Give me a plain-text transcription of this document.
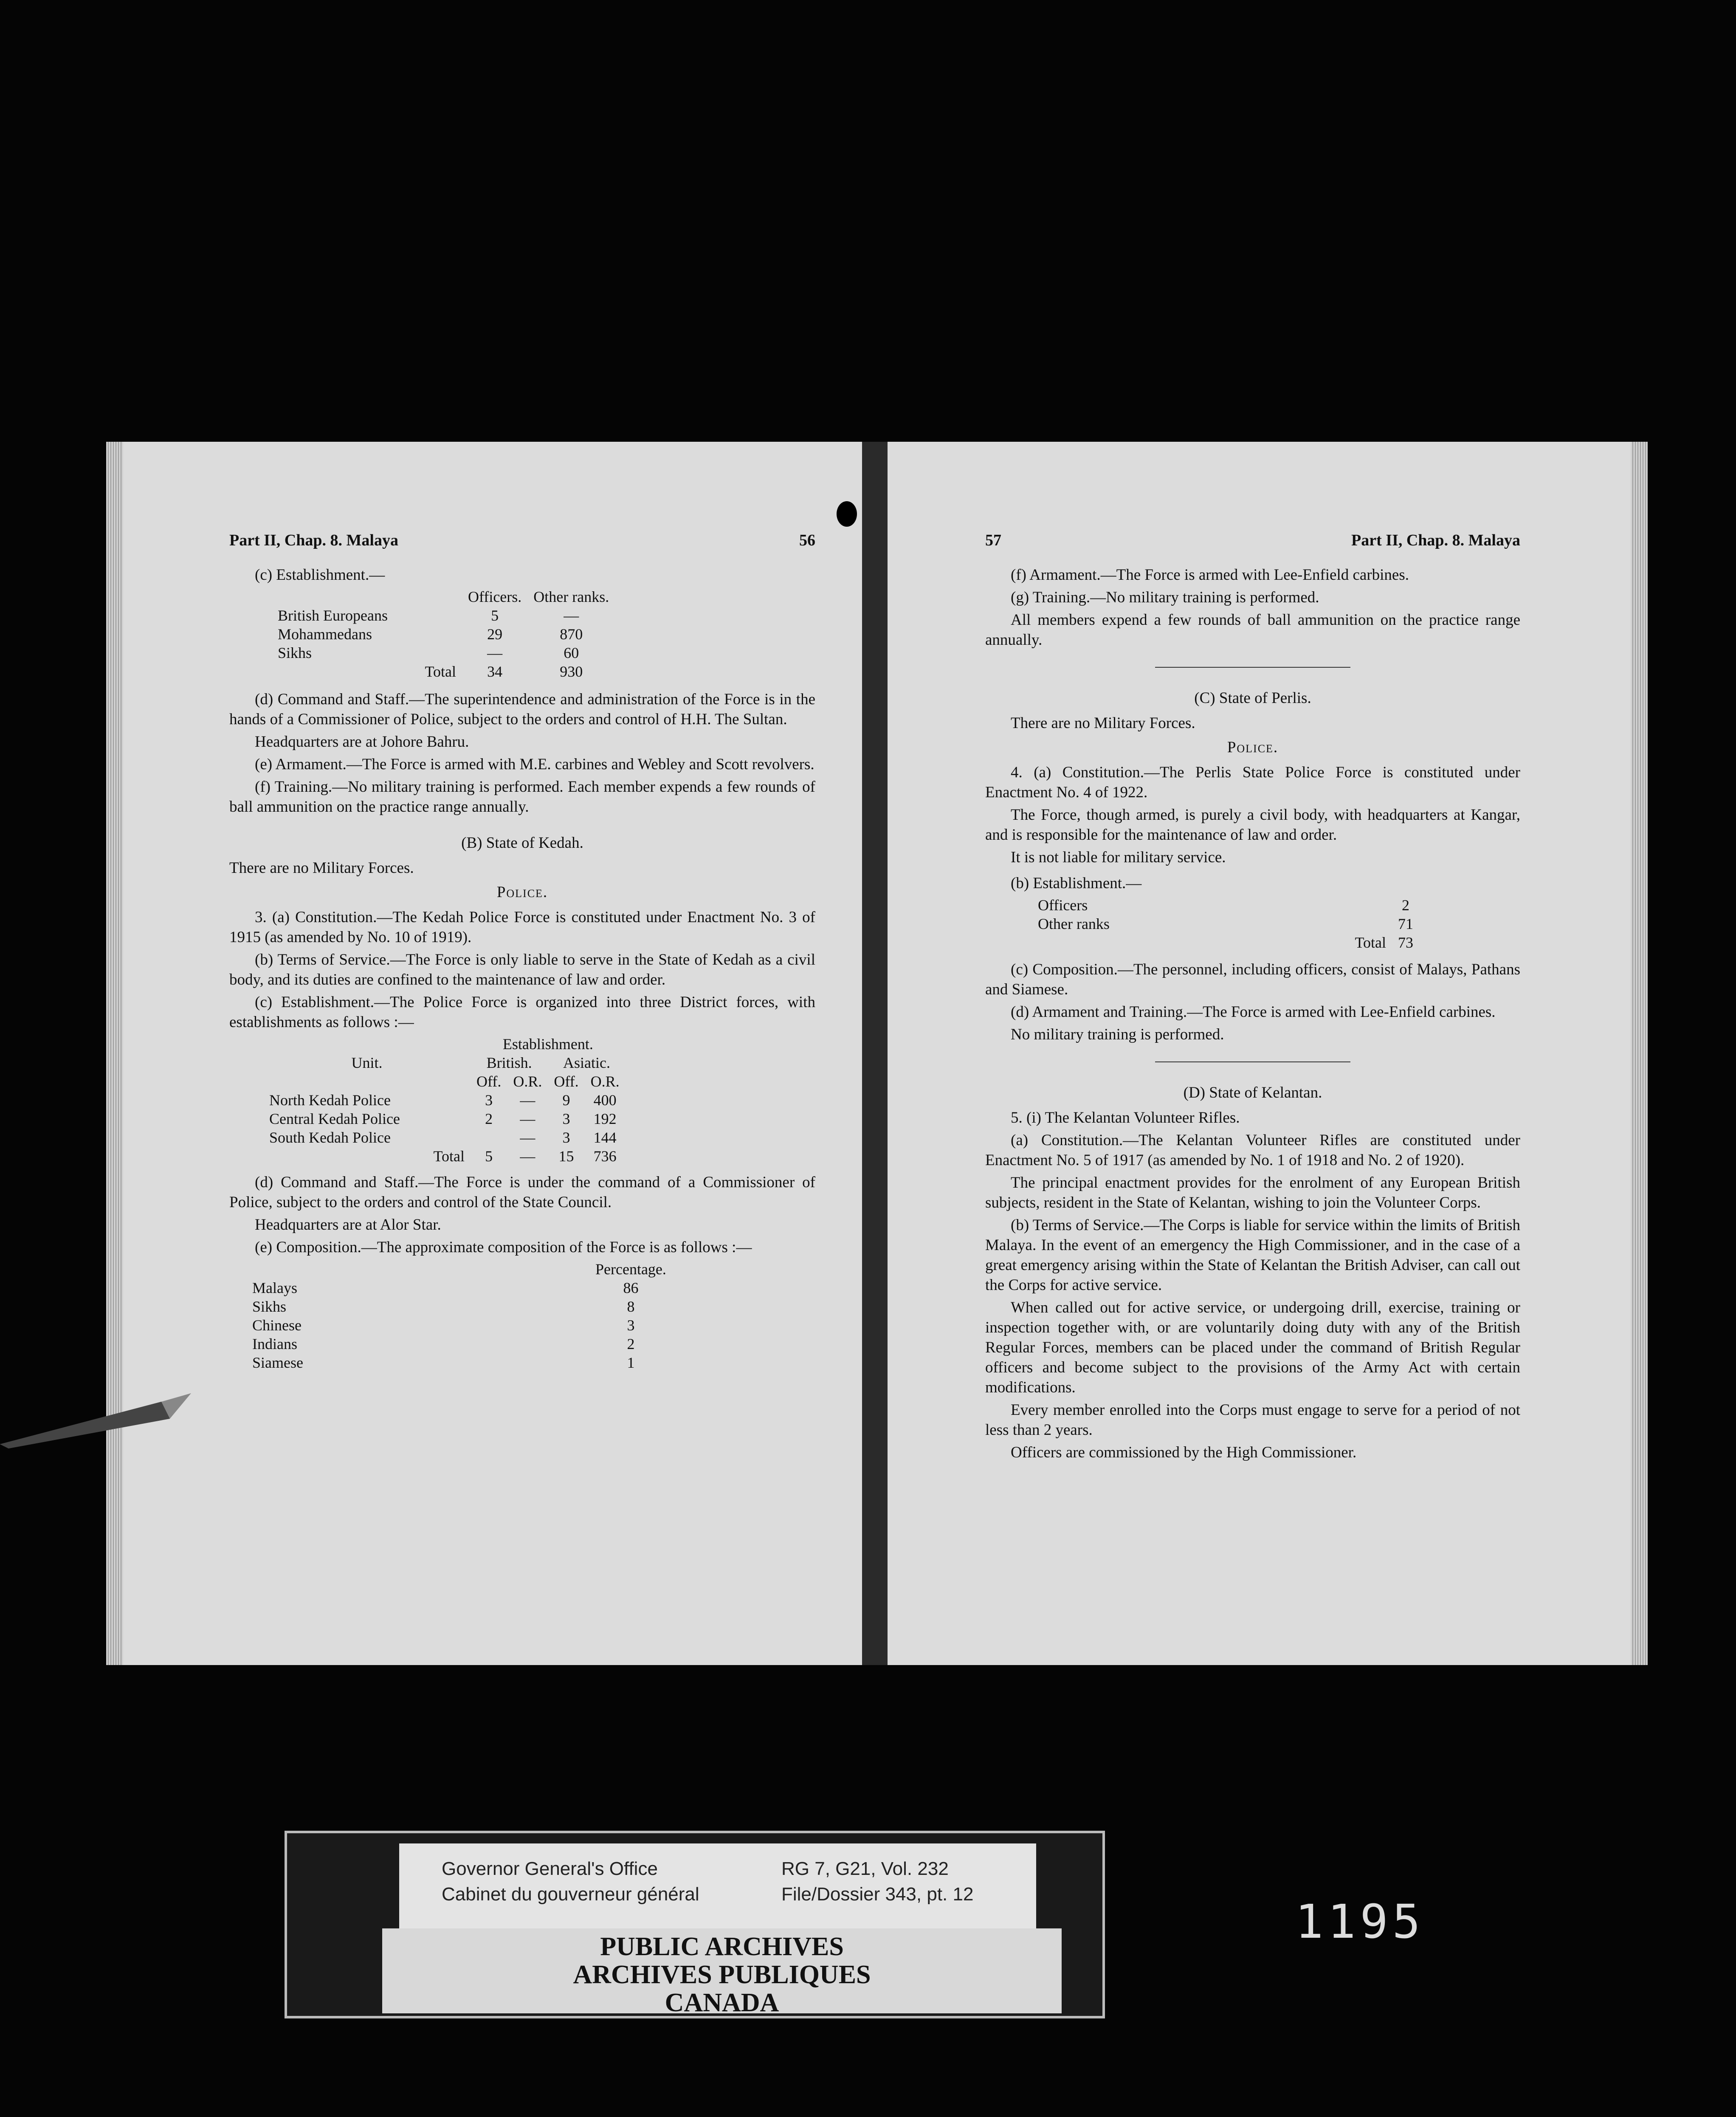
Part II, Chap. 8. Malaya	56

(c) Establishment.—

	Officers.	Other ranks.
British Europeans	5	—
Mohammedans	29	870
Sikhs	—	60
Total	34	930

(d) Command and Staff.—The superintendence and administration of the Force is in the hands of a Commissioner of Police, subject to the orders and control of H.H. The Sultan.

Headquarters are at Johore Bahru.

(e) Armament.—The Force is armed with M.E. carbines and Webley and Scott revolvers.

(f) Training.—No military training is performed. Each member expends a few rounds of ball ammunition on the practice range annually.

(B) State of Kedah.

There are no Military Forces.

Police.

3. (a) Constitution.—The Kedah Police Force is constituted under Enactment No. 3 of 1915 (as amended by No. 10 of 1919).

(b) Terms of Service.—The Force is only liable to serve in the State of Kedah as a civil body, and its duties are confined to the maintenance of law and order.

(c) Establishment.—The Police Force is organized into three District forces, with establishments as follows :—

	Establishment.			
Unit.	British.		Asiatic.	
	Off.	O.R.	Off.	O.R.
North Kedah Police	3	—	9	400
Central Kedah Police	2	—	3	192
South Kedah Police		—	3	144
Total	5	—	15	736

(d) Command and Staff.—The Force is under the command of a Commissioner of Police, subject to the orders and control of the State Council.

Headquarters are at Alor Star.

(e) Composition.—The approximate composition of the Force is as follows :—

	Percentage.
Malays	86
Sikhs	8
Chinese	3
Indians	2
Siamese	1
57	Part II, Chap. 8. Malaya

(f) Armament.—The Force is armed with Lee-Enfield carbines.

(g) Training.—No military training is performed.

All members expend a few rounds of ball ammunition on the practice range annually.

(C) State of Perlis.

There are no Military Forces.

Police.

4. (a) Constitution.—The Perlis State Police Force is constituted under Enactment No. 4 of 1922.

The Force, though armed, is purely a civil body, with headquarters at Kangar, and is responsible for the maintenance of law and order.

It is not liable for military service.

(b) Establishment.—

Officers	2
Other ranks	71
Total	73

(c) Composition.—The personnel, including officers, consist of Malays, Pathans and Siamese.

(d) Armament and Training.—The Force is armed with Lee-Enfield carbines.

No military training is performed.

(D) State of Kelantan.

5. (i) The Kelantan Volunteer Rifles.

(a) Constitution.—The Kelantan Volunteer Rifles are constituted under Enactment No. 5 of 1917 (as amended by No. 1 of 1918 and No. 2 of 1920).

The principal enactment provides for the enrolment of any European British subjects, resident in the State of Kelantan, wishing to join the Volunteer Corps.

(b) Terms of Service.—The Corps is liable for service within the limits of British Malaya. In the event of an emergency the High Commissioner, and in the case of a great emergency arising within the State of Kelantan the British Adviser, can call out the Corps for active service.

When called out for active service, or undergoing drill, exercise, training or inspection together with, or are voluntarily doing duty with any of the British Regular Forces, members can be placed under the command of British Regular officers and become subject to the provisions of the Army Act with certain modifications.

Every member enrolled into the Corps must engage to serve for a period of not less than 2 years.

Officers are commissioned by the High Commissioner.

Governor General's Office
Cabinet du gouverneur général
RG 7, G21, Vol. 232
File/Dossier 343, pt. 12
PUBLIC ARCHIVES
ARCHIVES PUBLIQUES
CANADA
1195
